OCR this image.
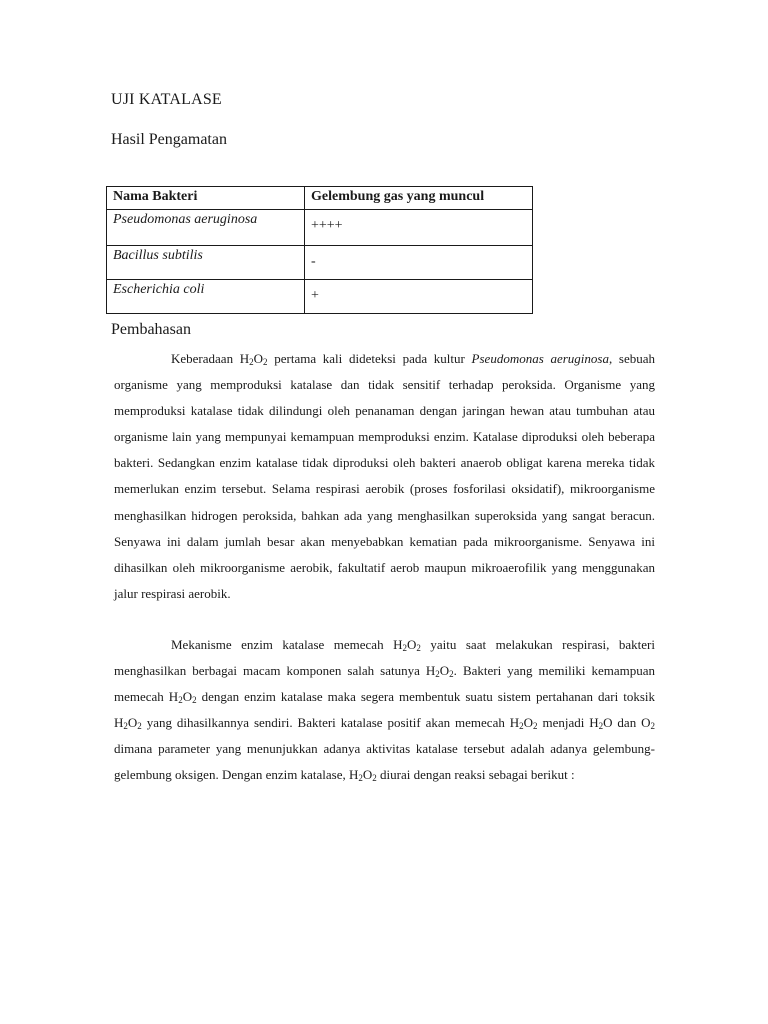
UJI KATALASE
Hasil Pengamatan
Nama Bakteri	Gelembung gas yang muncul
Pseudomonas aeruginosa	++++
Bacillus subtilis	-
Escherichia coli	+
Pembahasan

Keberadaan $H_2O_2$ pertama kali dideteksi pada kultur Pseudomonas aeruginosa, sebuah organisme yang memproduksi katalase dan tidak sensitif terhadap peroksida. Organisme yang memproduksi katalase tidak dilindungi oleh penanaman dengan jaringan hewan atau tumbuhan atau organisme lain yang mempunyai kemampuan memproduksi enzim. Katalase diproduksi oleh beberapa bakteri. Sedangkan enzim katalase tidak diproduksi oleh bakteri anaerob obligat karena mereka tidak memerlukan enzim tersebut. Selama respirasi aerobik (proses fosforilasi oksidatif), mikroorganisme menghasilkan hidrogen peroksida, bahkan ada yang menghasilkan superoksida yang sangat beracun. Senyawa ini dalam jumlah besar akan menyebabkan kematian pada mikroorganisme. Senyawa ini dihasilkan oleh mikroorganisme aerobik, fakultatif aerob maupun mikroaerofilik yang menggunakan jalur respirasi aerobik.

Mekanisme enzim katalase memecah $H_2O_2$ yaitu saat melakukan respirasi, bakteri menghasilkan berbagai macam komponen salah satunya $H_2O_2$. Bakteri yang memiliki kemampuan memecah $H_2O_2$ dengan enzim katalase maka segera membentuk suatu sistem pertahanan dari toksik $H_2O_2$ yang dihasilkannya sendiri. Bakteri katalase positif akan memecah $H_2O_2$ menjadi $H_2O$ dan $O_2$ dimana parameter yang menunjukkan adanya aktivitas katalase tersebut adalah adanya gelembung-gelembung oksigen. Dengan enzim katalase, $H_2O_2$ diurai dengan reaksi sebagai berikut :
